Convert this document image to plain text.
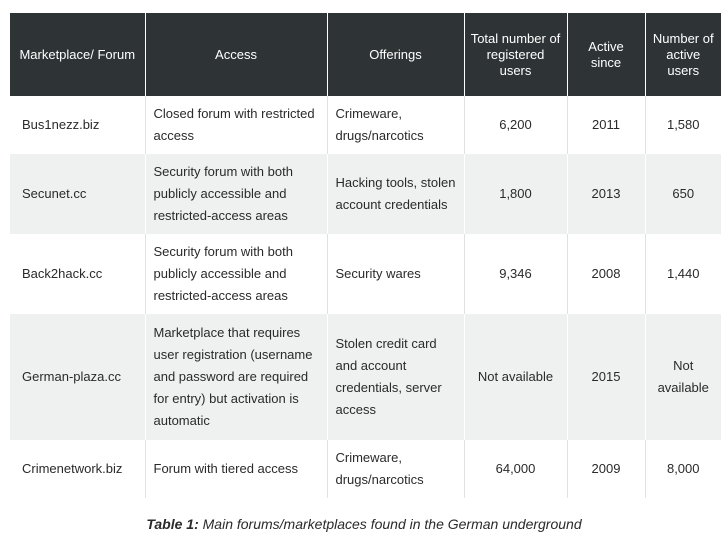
Marketplace/ Forum	Access	Offerings	Total number of registered users	Active since	Number of active users
Bus1nezz.biz	Closed forum with restricted access	Crimeware, drugs/narcotics	6,200	2011	1,580
Secunet.cc	Security forum with both publicly accessible and restricted-access areas	Hacking tools, stolen account credentials	1,800	2013	650
Back2hack.cc	Security forum with both publicly accessible and restricted-access areas	Security wares	9,346	2008	1,440
German-plaza.cc	Marketplace that requires user registration (username and password are required for entry) but activation is automatic	Stolen credit card and account credentials, server access	Not available	2015	Not available
Crimenetwork.biz	Forum with tiered access	Crimeware, drugs/narcotics	64,000	2009	8,000
Table 1: Main forums/marketplaces found in the German underground
